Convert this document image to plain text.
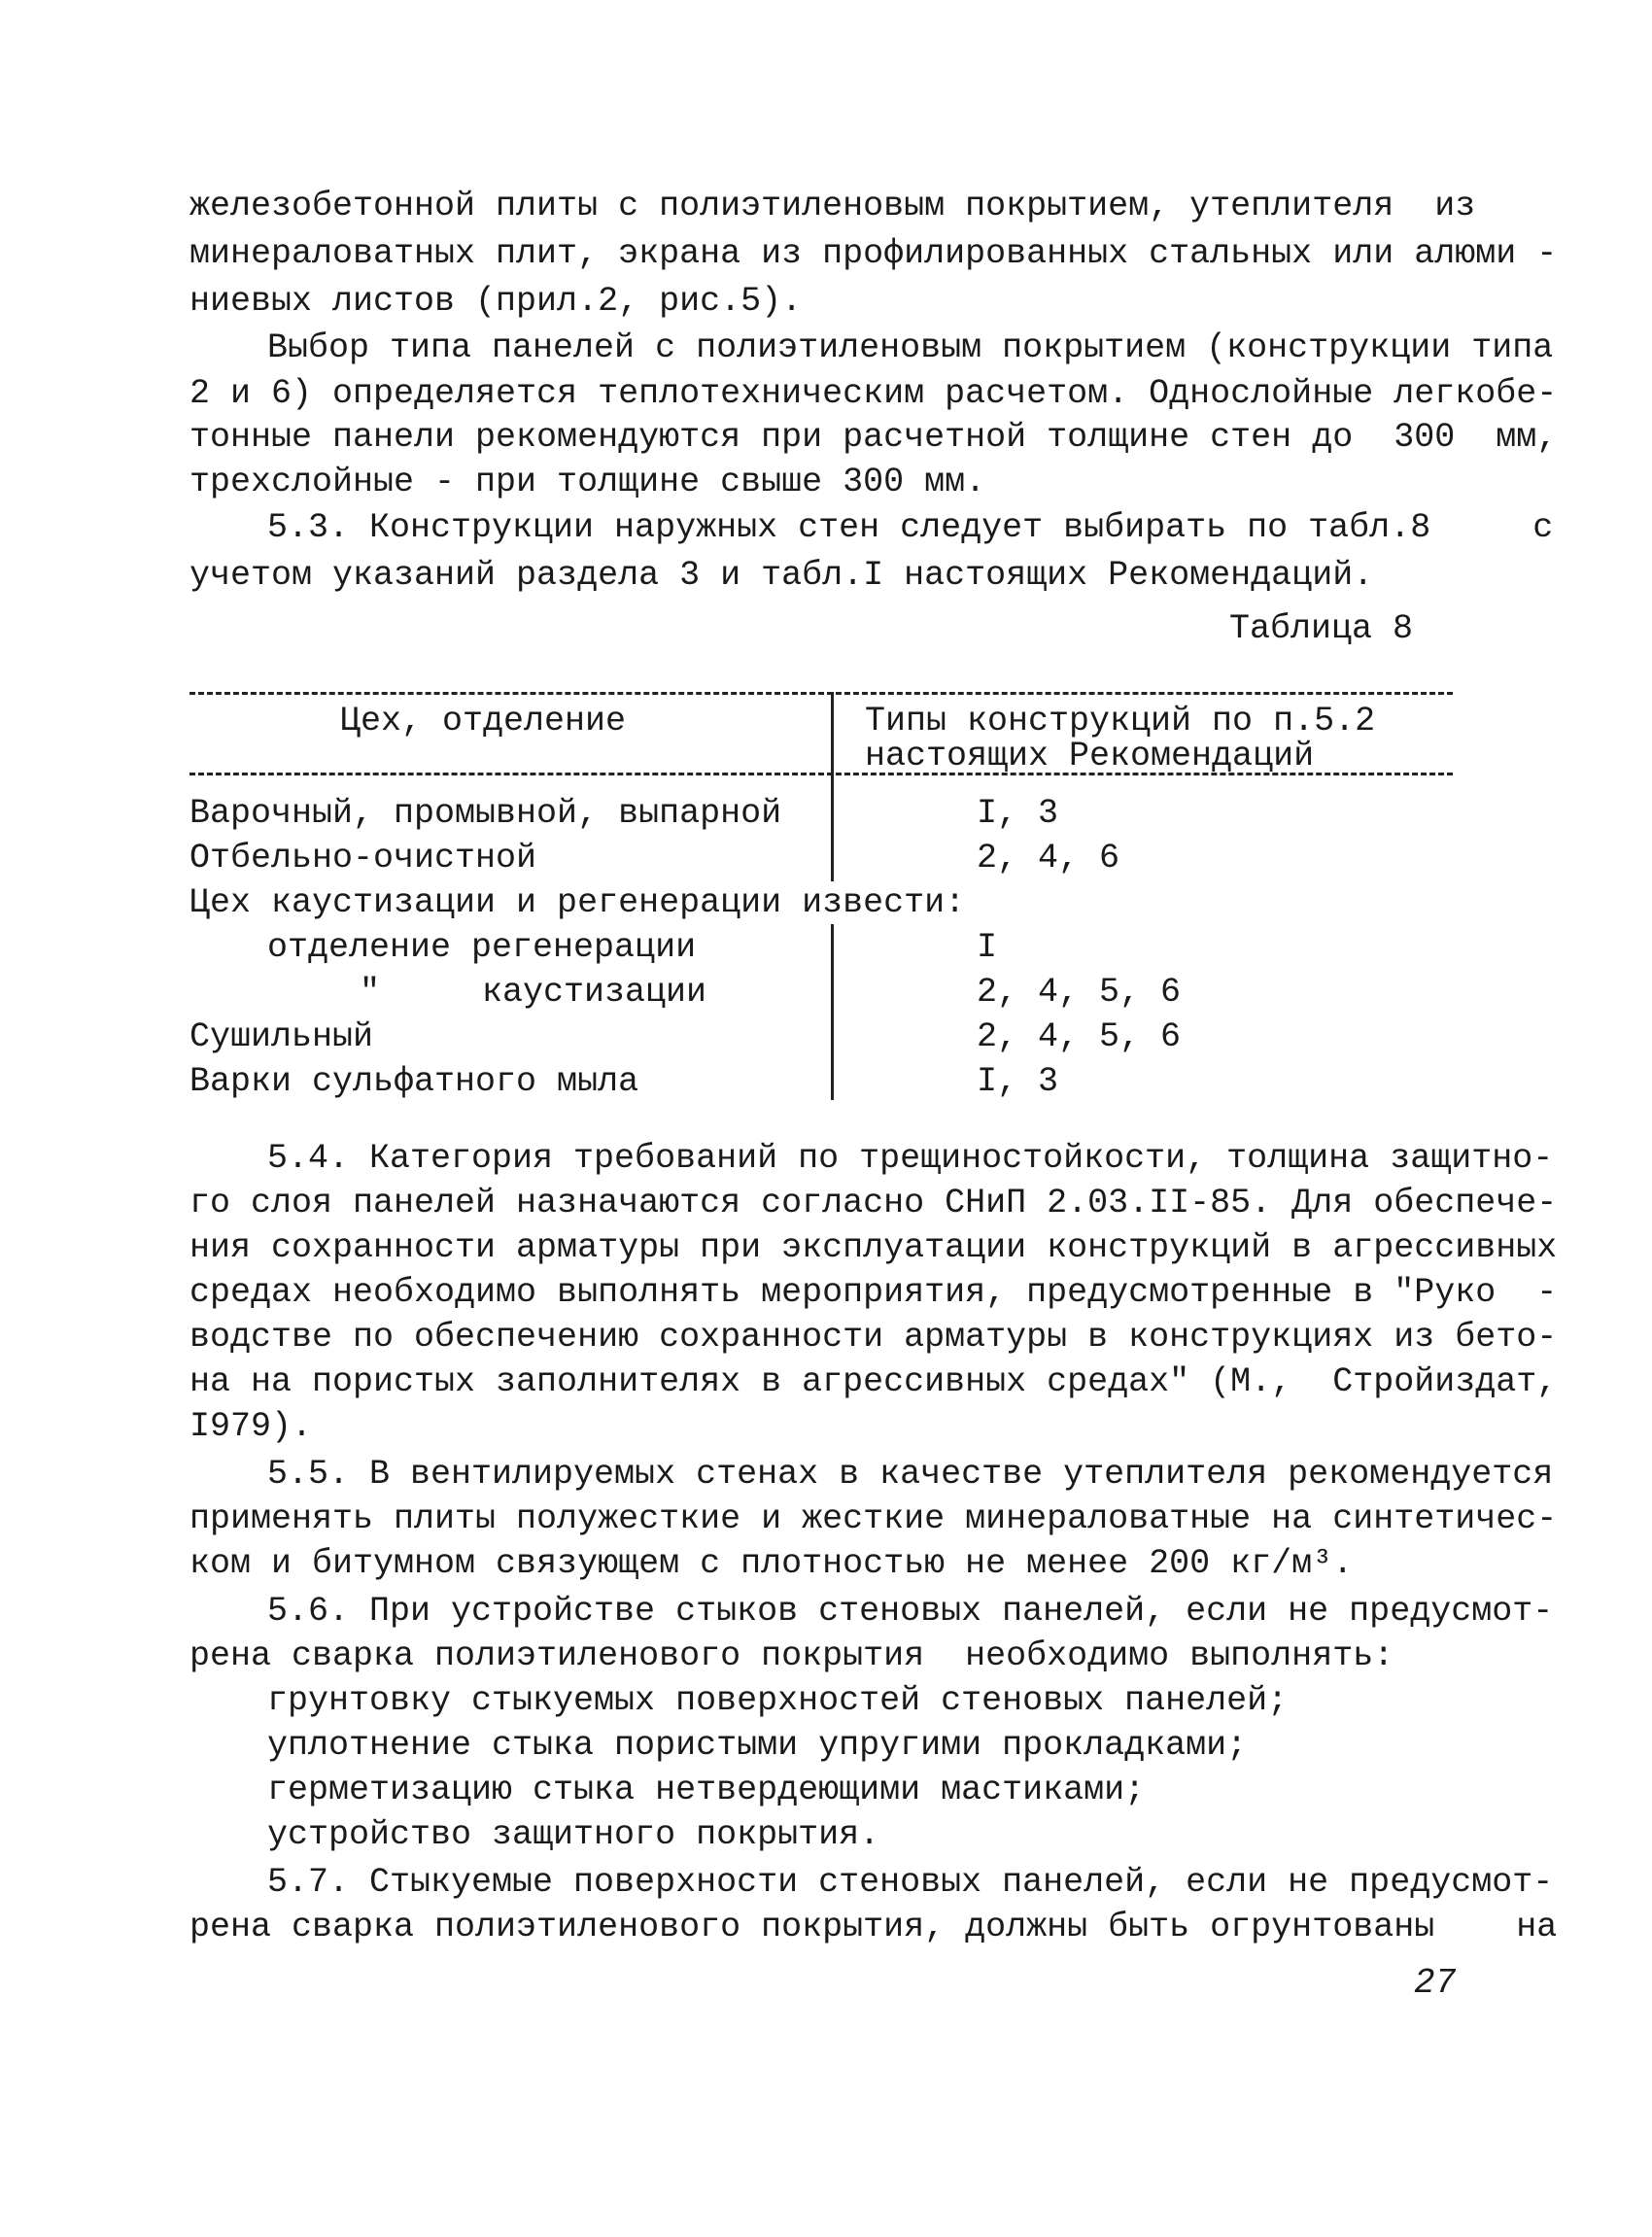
железобетонной плиты с полиэтиленовым покрытием, утеплителя  из
минераловатных плит, экрана из профилированных стальных или алюми -
ниевых листов (прил.2, рис.5).
Выбор типа панелей с полиэтиленовым покрытием (конструкции типа
2 и 6) определяется теплотехническим расчетом. Однослойные легкобе-
тонные панели рекомендуются при расчетной толщине стен до  300  мм,
трехслойные - при толщине свыше 300 мм.
5.3. Конструкции наружных стен следует выбирать по табл.8     с
учетом указаний раздела 3 и табл.I настоящих Рекомендаций.
Таблица 8
Цех, отделение	Типы конструкций по п.5.2
настоящих Рекомендаций
Варочный, промывной, выпарной	I, 3
Отбельно-очистной	2, 4, 6
Цех каустизации и регенерации извести:
отделение регенерации	I
"     каустизации	2, 4, 5, 6
Сушильный	2, 4, 5, 6
Варки сульфатного мыла	I, 3
5.4. Категория требований по трещиностойкости, толщина защитно-
го слоя панелей назначаются согласно СНиП 2.03.II-85. Для обеспече-
ния сохранности арматуры при эксплуатации конструкций в агрессивных
средах необходимо выполнять мероприятия, предусмотренные в "Руко  -
водстве по обеспечению сохранности арматуры в конструкциях из бето-
на на пористых заполнителях в агрессивных средах" (М.,  Стройиздат,
I979).
5.5. В вентилируемых стенах в качестве утеплителя рекомендуется
применять плиты полужесткие и жесткие минераловатные на синтетичес-
ком и битумном связующем с плотностью не менее 200 кг/м³.
5.6. При устройстве стыков стеновых панелей, если не предусмот-
рена сварка полиэтиленового покрытия  необходимо выполнять:
грунтовку стыкуемых поверхностей стеновых панелей;
уплотнение стыка пористыми упругими прокладками;
герметизацию стыка нетвердеющими мастиками;
устройство защитного покрытия.
5.7. Стыкуемые поверхности стеновых панелей, если не предусмот-
рена сварка полиэтиленового покрытия, должны быть огрунтованы    на
27
